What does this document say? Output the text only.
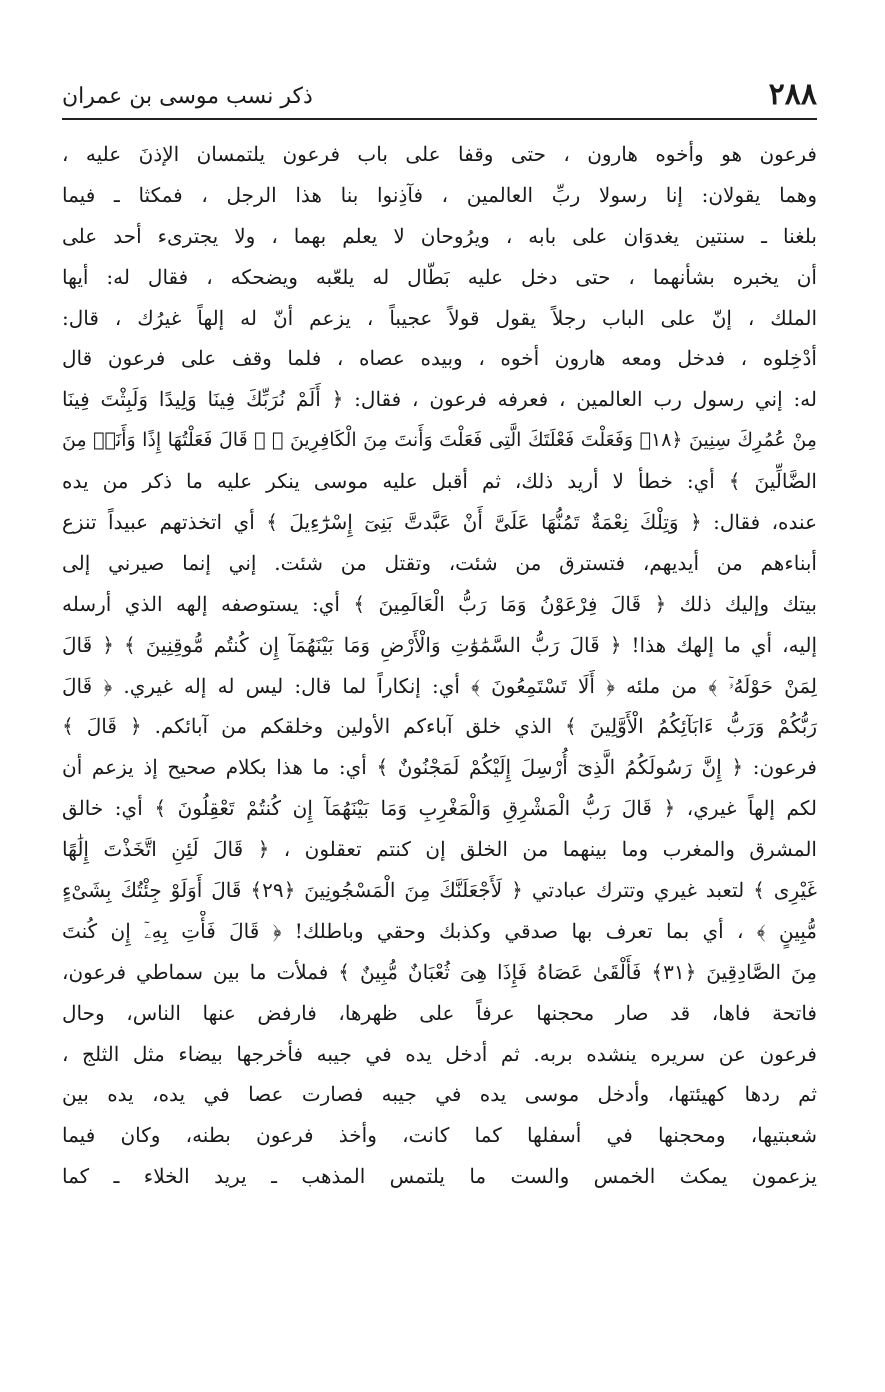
٢٨٨
ذكر نسب موسى بن عمران
فرعون هو وأخوه هارون ، حتى وقفا على باب فرعون يلتمسان الإذنَ عليه ،
وهما يقولان: إنا رسولا ربِّ العالمين ، فآذِنوا بنا هذا الرجل ، فمكثا ـ فيما
بلغنا ـ سنتين يغدوَان على بابه ، ويرُوحان لا يعلم بهما ، ولا يجترىء أحد على
أن يخبره بشأنهما ، حتى دخل عليه بَطّال له يلعّبه ويضحكه ، فقال له: أيها
الملك ، إنّ على الباب رجلاً يقول قولاً عجيباً ، يزعم أنّ له إلهاً غيرُك ، قال:
أدْخِلوه ، فدخل ومعه هارون أخوه ، وبيده عصاه ، فلما وقف على فرعون قال
له: إني رسول رب العالمين ، فعرفه فرعون ، فقال: ﴿ أَلَمْ نُرَبِّكَ فِينَا وَلِيدًا وَلَبِثْتَ فِينَا
مِنْ عُمُرِكَ سِنِينَ ﴿١٨﴾ وَفَعَلْتَ فَعْلَتَكَ الَّتِى فَعَلْتَ وَأَنتَ مِنَ الْكَافِرِينَ ﴾ ﴿ قَالَ فَعَلْتُهَا إِذًا وَأَنَا۠ مِنَ
الضَّالِّينَ ﴾ أي: خطأ لا أريد ذلك، ثم أقبل عليه موسى ينكر عليه ما ذكر من يده
عنده، فقال: ﴿ وَتِلْكَ نِعْمَةٌ تَمُنُّهَا عَلَىَّ أَنْ عَبَّدتَّ بَنِىٓ إِسْرَٰٓءِيلَ ﴾ أي اتخذتهم عبيداً تنزع
أبناءهم من أيديهم، فتسترق من شئت، وتقتل من شئت. إني إنما صيرني إلى
بيتك وإليك ذلك ﴿ قَالَ فِرْعَوْنُ وَمَا رَبُّ الْعَالَمِينَ ﴾ أي: يستوصفه إلهه الذي أرسله
إليه، أي ما إلهك هذا! ﴿ قَالَ رَبُّ السَّمَٰوَٰتِ وَالْأَرْضِ وَمَا بَيْنَهُمَآ إِن كُنتُم مُّوقِنِينَ ﴾ ﴿ قَالَ
لِمَنْ حَوْلَهُۥٓ ﴾ من ملئه ﴿ أَلَا تَسْتَمِعُونَ ﴾ أي: إنكاراً لما قال: ليس له إله غيري. ﴿ قَالَ
رَبُّكُمْ وَرَبُّ ءَابَآئِكُمُ الْأَوَّلِينَ ﴾ الذي خلق آباءكم الأولين وخلقكم من آبائكم. ﴿ قَالَ ﴾
فرعون: ﴿ إِنَّ رَسُولَكُمُ الَّذِىٓ أُرْسِلَ إِلَيْكُمْ لَمَجْنُونٌ ﴾ أي: ما هذا بكلام صحيح إذ يزعم أن
لكم إلهاً غيري، ﴿ قَالَ رَبُّ الْمَشْرِقِ وَالْمَغْرِبِ وَمَا بَيْنَهُمَآ إِن كُنتُمْ تَعْقِلُونَ ﴾ أي: خالق
المشرق والمغرب وما بينهما من الخلق إن كنتم تعقلون ، ﴿ قَالَ لَئِنِ اتَّخَذْتَ إِلَٰهًا
غَيْرِى ﴾ لتعبد غيري وتترك عبادتي ﴿ لَأَجْعَلَنَّكَ مِنَ الْمَسْجُونِينَ ﴿٢٩﴾ قَالَ أَوَلَوْ جِئْتُكَ بِشَىْءٍ
مُّبِينٍ ﴾ ، أي بما تعرف بها صدقي وكذبك وحقي وباطلك! ﴿ قَالَ فَأْتِ بِهِۦٓ إِن كُنتَ
مِنَ الصَّادِقِينَ ﴿٣١﴾ فَأَلْقَىٰ عَصَاهُ فَإِذَا هِىَ ثُعْبَانٌ مُّبِينٌ ﴾ فملأت ما بين سماطي فرعون،
فاتحة فاها، قد صار محجنها عرفاً على ظهرها، فارفض عنها الناس، وحال
فرعون عن سريره ينشده بربه. ثم أدخل يده في جيبه فأخرجها بيضاء مثل الثلج ،
ثم ردها كهيئتها، وأدخل موسى يده في جيبه فصارت عصا في يده، يده بين
شعبتيها، ومحجنها في أسفلها كما كانت، وأخذ فرعون بطنه، وكان فيما
يزعمون يمكث الخمس والست ما يلتمس المذهب ـ يريد الخلاء ـ كما
